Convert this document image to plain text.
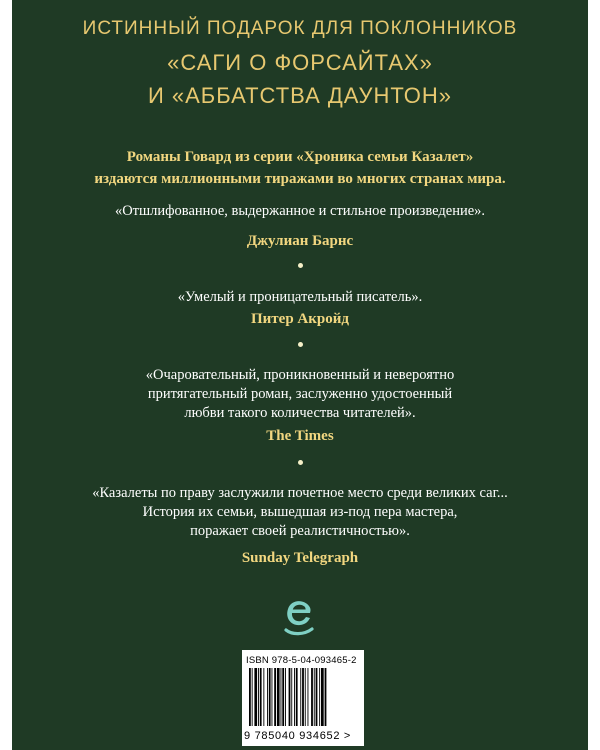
ИСТИННЫЙ ПОДАРОК ДЛЯ ПОКЛОННИКОВ
«САГИ О ФОРСАЙТАХ»
И «АББАТСТВА ДАУНТОН»
Романы Говард из серии «Хроника семьи Казалет»
издаются миллионными тиражами во многих странах мира.
«Отшлифованное, выдержанное и стильное произведение».
Джулиан Барнс
«Умелый и проницательный писатель».
Питер Акройд
«Очаровательный, проникновенный и невероятно
притягательный роман, заслуженно удостоенный
любви такого количества читателей».
The Times
«Казалеты по праву заслужили почетное место среди великих саг...
История их семьи, вышедшая из-под пера мастера,
поражает своей реалистичностью».
Sunday Telegraph
ISBN 978-5-04-093465-2
9 785040 934652 >
